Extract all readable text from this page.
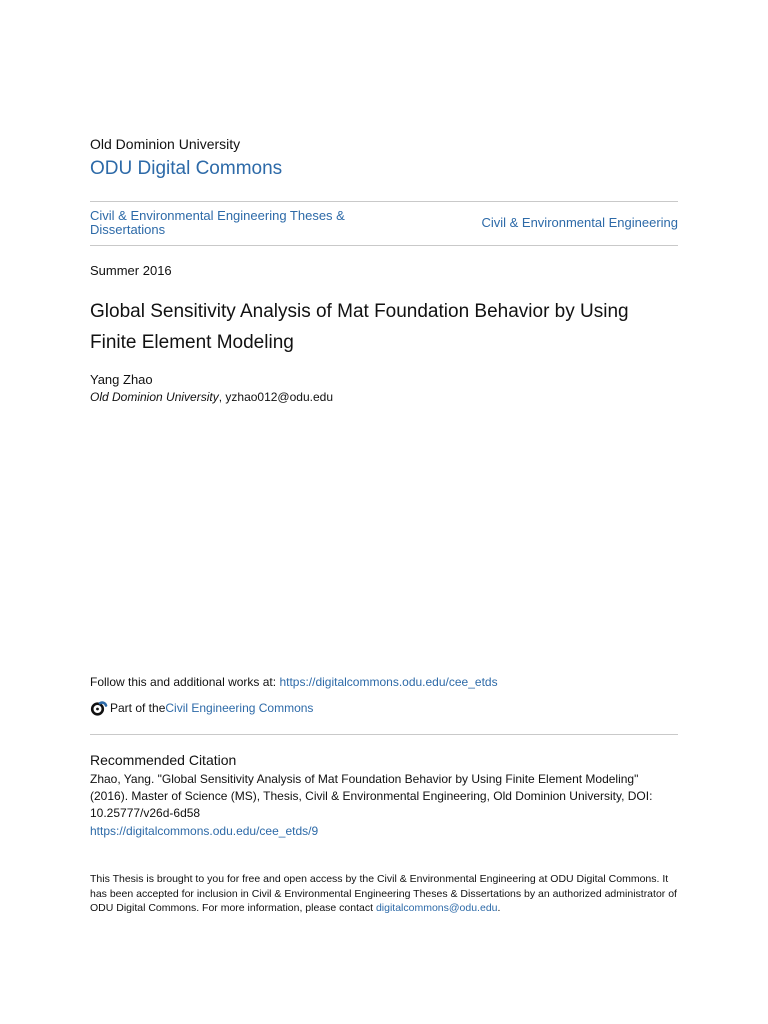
Old Dominion University
ODU Digital Commons
Civil & Environmental Engineering Theses & Dissertations	Civil & Environmental Engineering
Summer 2016
Global Sensitivity Analysis of Mat Foundation Behavior by Using Finite Element Modeling
Yang Zhao
Old Dominion University, yzhao012@odu.edu
Follow this and additional works at: https://digitalcommons.odu.edu/cee_etds
Part of the Civil Engineering Commons
Recommended Citation
Zhao, Yang. "Global Sensitivity Analysis of Mat Foundation Behavior by Using Finite Element Modeling" (2016). Master of Science (MS), Thesis, Civil & Environmental Engineering, Old Dominion University, DOI: 10.25777/v26d-6d58
https://digitalcommons.odu.edu/cee_etds/9
This Thesis is brought to you for free and open access by the Civil & Environmental Engineering at ODU Digital Commons. It has been accepted for inclusion in Civil & Environmental Engineering Theses & Dissertations by an authorized administrator of ODU Digital Commons. For more information, please contact digitalcommons@odu.edu.
